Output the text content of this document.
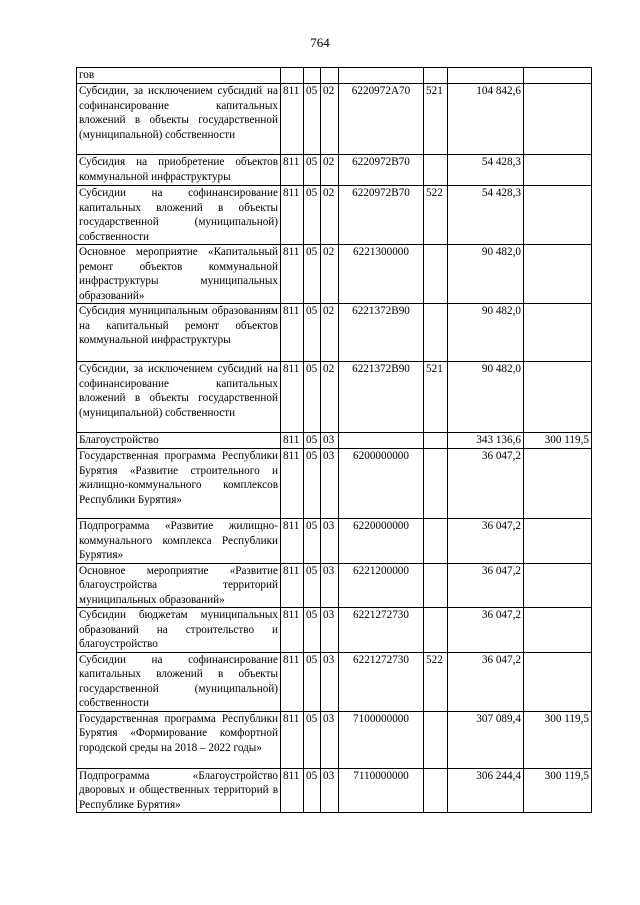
764
гов							
Субсидии, за исключением субсидий на софинансирование капитальных вложений в объекты государственной (муниципальной) собственности	811	05	02	6220972А70	521	104 842,6	
Субсидия на приобретение объектов коммунальной инфраструктуры	811	05	02	6220972В70		54 428,3	
Субсидии на софинансирование капитальных вложений в объекты государственной (муниципальной) собственности	811	05	02	6220972В70	522	54 428,3	
Основное мероприятие «Капитальный ремонт объектов коммунальной инфраструктуры муниципальных образований»	811	05	02	6221300000		90 482,0	
Субсидия муниципальным образованиям на капитальный ремонт объектов коммунальной инфраструктуры	811	05	02	6221372В90		90 482,0	
Субсидии, за исключением субсидий на софинансирование капитальных вложений в объекты государственной (муниципальной) собственности	811	05	02	6221372В90	521	90 482,0	
Благоустройство	811	05	03			343 136,6	300 119,5
Государственная программа Республики Бурятия «Развитие строительного и жилищно-коммунального комплексов Республики Бурятия»	811	05	03	6200000000		36 047,2	
Подпрограмма «Развитие жилищно-коммунального комплекса Республики Бурятия»	811	05	03	6220000000		36 047,2	
Основное мероприятие «Развитие благоустройства территорий муниципальных образований»	811	05	03	6221200000		36 047,2	
Субсидии бюджетам муниципальных образований на строительство и благоустройство	811	05	03	6221272730		36 047,2	
Субсидии на софинансирование капитальных вложений в объекты государственной (муниципальной) собственности	811	05	03	6221272730	522	36 047,2	
Государственная программа Республики Бурятия «Формирование комфортной городской среды на 2018 – 2022 годы»	811	05	03	7100000000		307 089,4	300 119,5
Подпрограмма «Благоустройство дворовых и общественных территорий в Республике Бурятия»	811	05	03	7110000000		306 244,4	300 119,5
